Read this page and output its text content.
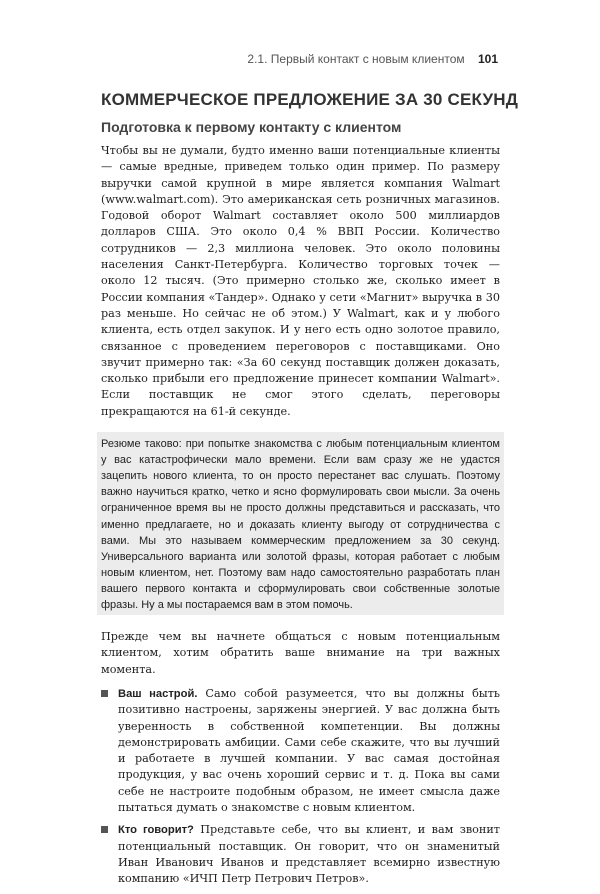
2.1. Первый контакт с новым клиентом 101
КОММЕРЧЕСКОЕ ПРЕДЛОЖЕНИЕ ЗА 30 СЕКУНД
Подготовка к первому контакту с клиентом

Чтобы вы не думали, будто именно ваши потенциальные клиенты — самые вредные, приведем только один пример. По размеру выручки самой крупной в мире является компания Walmart (www.walmart.com). Это американская сеть розничных магазинов. Годовой оборот Walmart составляет около 500 миллиардов долларов США. Это около 0,4 % ВВП России. Количество сотрудников — 2,3 миллиона человек. Это около половины населения Санкт-Петербурга. Количество торговых точек — около 12 тысяч. (Это примерно столько же, сколько имеет в России компания «Тандер». Однако у сети «Магнит» выручка в 30 раз меньше. Но сейчас не об этом.) У Walmart, как и у любого клиента, есть отдел закупок. И у него есть одно золотое правило, связанное с проведением переговоров с поставщиками. Оно звучит примерно так: «За 60 секунд поставщик должен доказать, сколько прибыли его предложение принесет компании Walmart». Если поставщик не смог этого сделать, переговоры прекращаются на 61-й секунде.

Резюме таково: при попытке знакомства с любым потенциальным клиентом у вас катастрофически мало времени. Если вам сразу же не удастся зацепить нового клиента, то он просто перестанет вас слушать. Поэтому важно научиться кратко, четко и ясно формулировать свои мысли. За очень ограниченное время вы не просто должны представиться и рассказать, что именно предлагаете, но и доказать клиенту выгоду от сотрудничества с вами. Мы это называем коммерческим предложением за 30 секунд. Универсального варианта или золотой фразы, которая работает с любым новым клиентом, нет. Поэтому вам надо самостоятельно разработать план вашего первого контакта и сформулировать свои собственные золотые фразы. Ну а мы постараемся вам в этом помочь.

Прежде чем вы начнете общаться с новым потенциальным клиентом, хотим обратить ваше внимание на три важных момента.

Ваш настрой. Само собой разумеется, что вы должны быть позитивно настроены, заряжены энергией. У вас должна быть уверенность в собственной компетенции. Вы должны демонстрировать амбиции. Сами себе скажите, что вы лучший и работаете в лучшей компании. У вас самая достойная продукция, у вас очень хороший сервис и т. д. Пока вы сами себе не настроите подобным образом, не имеет смысла даже пытаться думать о знакомстве с новым клиентом.
Кто говорит? Представьте себе, что вы клиент, и вам звонит потенциальный поставщик. Он говорит, что он знаменитый Иван Иванович Иванов и представляет всемирно известную компанию «ИЧП Петр Петрович Петров».
